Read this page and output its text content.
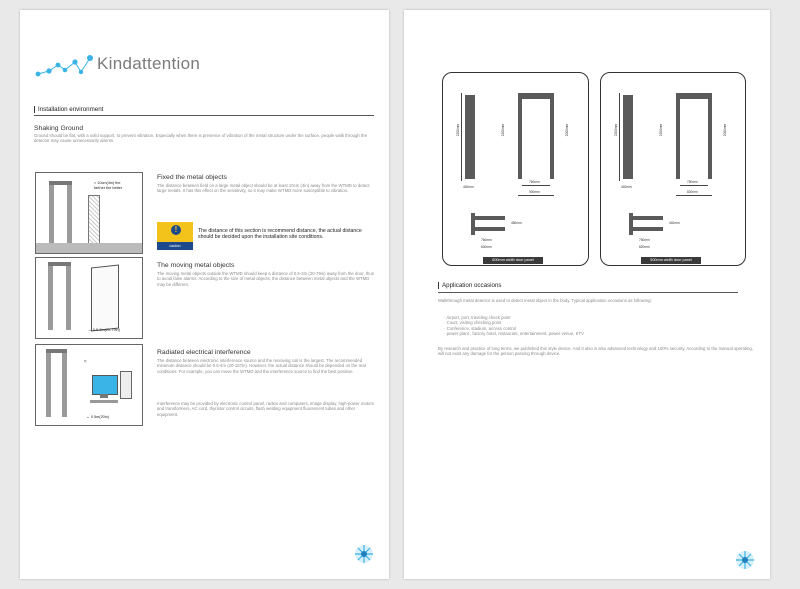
Kindattention
Installation environment
Shaking Ground
Ground should be flat, with a solid support, to prevent vibration. Especially when there is presence of vibration of the metal structure under the surface, people walk through the detector may cause unnecessarily alarms.
> 10cm(4in) the
farther the better
Fixed the metal objects
The distance between field on a large metal object should be at least 10cm (4in) away from the WTMD to detect large metals. It has this effect on the sensitivity, so it may make WTMD more susceptible to vibration.
!
caution
The distance of this section is recommend distance, the actual distance should be decided upon the installation site conditions.
↔ 0.5-2m(20-79in)
The moving metal objects
The moving metal objects outside the WTMD should keep a distance of 0.5-2m (20-79in) away from the door, thus to avoid false alarms. According to the size of metal objects, the distance between metal objects and the WTMD may be different.
≈
↔ 0.5m(20in)
Radiated electrical interference
The distance between electronic interference source and the receiving coil is the largest. The recommended minimum distance should be 0.5-4m (20-157in). However, the actual distance should be depended on the real conditions. For example, you can move the WTMD and the interference source to find the best position.
Interference may be provided by electronic control panel, radios and computers, image display, high-power motors and transformers, AC cord, thyristor control circuits, flash welding equipment fluorescent tubes and other equipment.
2200mm
440mm
2200mm	2000mm
760mm
900mm
480mm
760mm
600mm
600mm width door panel
2200mm
440mm
2200mm	2000mm
750mm
820mm
440mm
750mm
820mm
500mm width door panel
Application occasions
Walkthrough metal detector is used to detect metal object in the body. Typical application occasions as following:
· Airport, port, traveling check point
· Court, visiting checking point
· Conference, stadium, access control
· power plant , factory hotel, restaurant, entertainment, power venue, KTV
By research and practice of long terms, we published this style device. And it also is also advanced technology and 100% security. According to the manual operating, will not exist any damage for the person passing through device.
